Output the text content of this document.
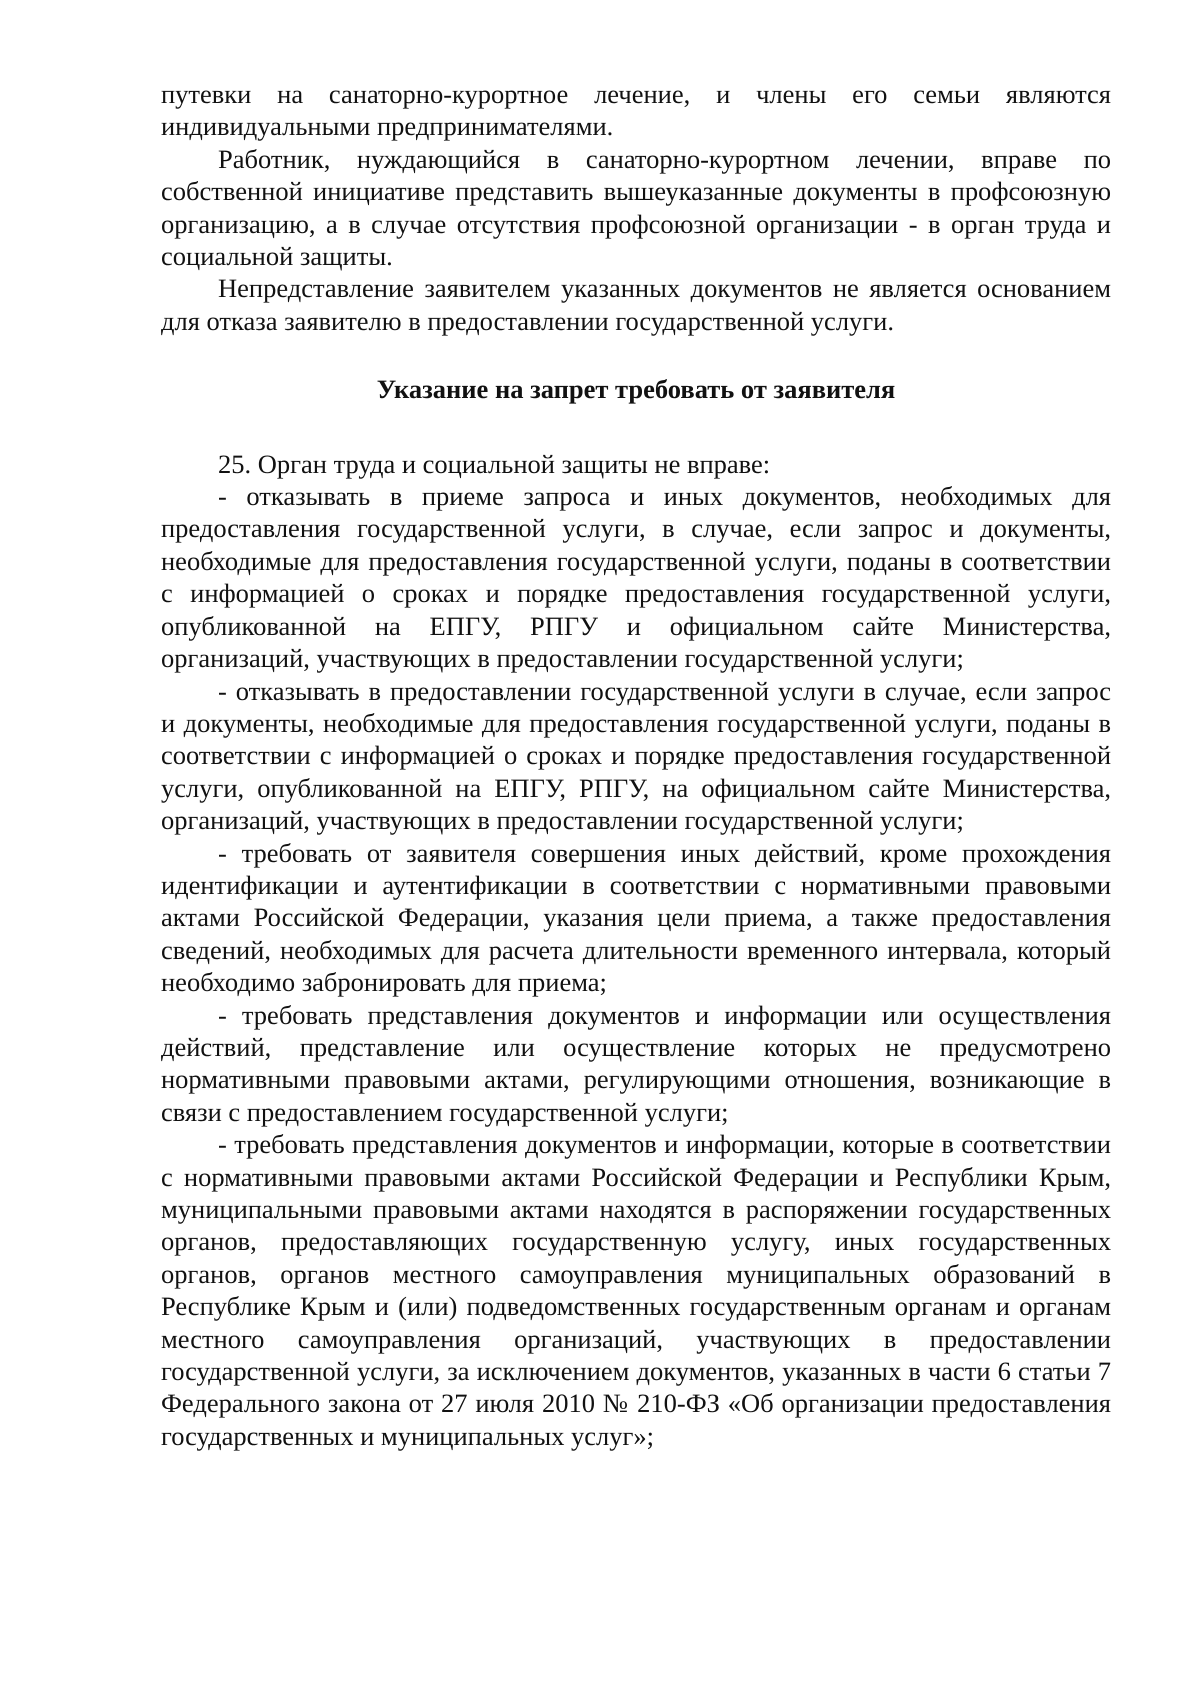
путевки на санаторно-курортное лечение, и члены его семьи являются индивидуальными предпринимателями.

Работник, нуждающийся в санаторно-курортном лечении, вправе по собственной инициативе представить вышеуказанные документы в профсоюзную организацию, а в случае отсутствия профсоюзной организации - в орган труда и социальной защиты.

Непредставление заявителем указанных документов не является основанием для отказа заявителю в предоставлении государственной услуги.

Указание на запрет требовать от заявителя

25. Орган труда и социальной защиты не вправе:

- отказывать в приеме запроса и иных документов, необходимых для предоставления государственной услуги, в случае, если запрос и документы, необходимые для предоставления государственной услуги, поданы в соответствии с информацией о сроках и порядке предоставления государственной услуги, опубликованной на ЕПГУ, РПГУ и официальном сайте Министерства, организаций, участвующих в предоставлении государственной услуги;

- отказывать в предоставлении государственной услуги в случае, если запрос и документы, необходимые для предоставления государственной услуги, поданы в соответствии с информацией о сроках и порядке предоставления государственной услуги, опубликованной на ЕПГУ, РПГУ, на официальном сайте Министерства, организаций, участвующих в предоставлении государственной услуги;

- требовать от заявителя совершения иных действий, кроме прохождения идентификации и аутентификации в соответствии с нормативными правовыми актами Российской Федерации, указания цели приема, а также предоставления сведений, необходимых для расчета длительности временного интервала, который необходимо забронировать для приема;

- требовать представления документов и информации или осуществления действий, представление или осуществление которых не предусмотрено нормативными правовыми актами, регулирующими отношения, возникающие в связи с предоставлением государственной услуги;

- требовать представления документов и информации, которые в соответствии с нормативными правовыми актами Российской Федерации и Республики Крым, муниципальными правовыми актами находятся в распоряжении государственных органов, предоставляющих государственную услугу, иных государственных органов, органов местного самоуправления муниципальных образований в Республике Крым и (или) подведомственных государственным органам и органам местного самоуправления организаций, участвующих в предоставлении государственной услуги, за исключением документов, указанных в части 6 статьи 7 Федерального закона от 27 июля 2010 № 210-ФЗ «Об организации предоставления государственных и муниципальных услуг»;
